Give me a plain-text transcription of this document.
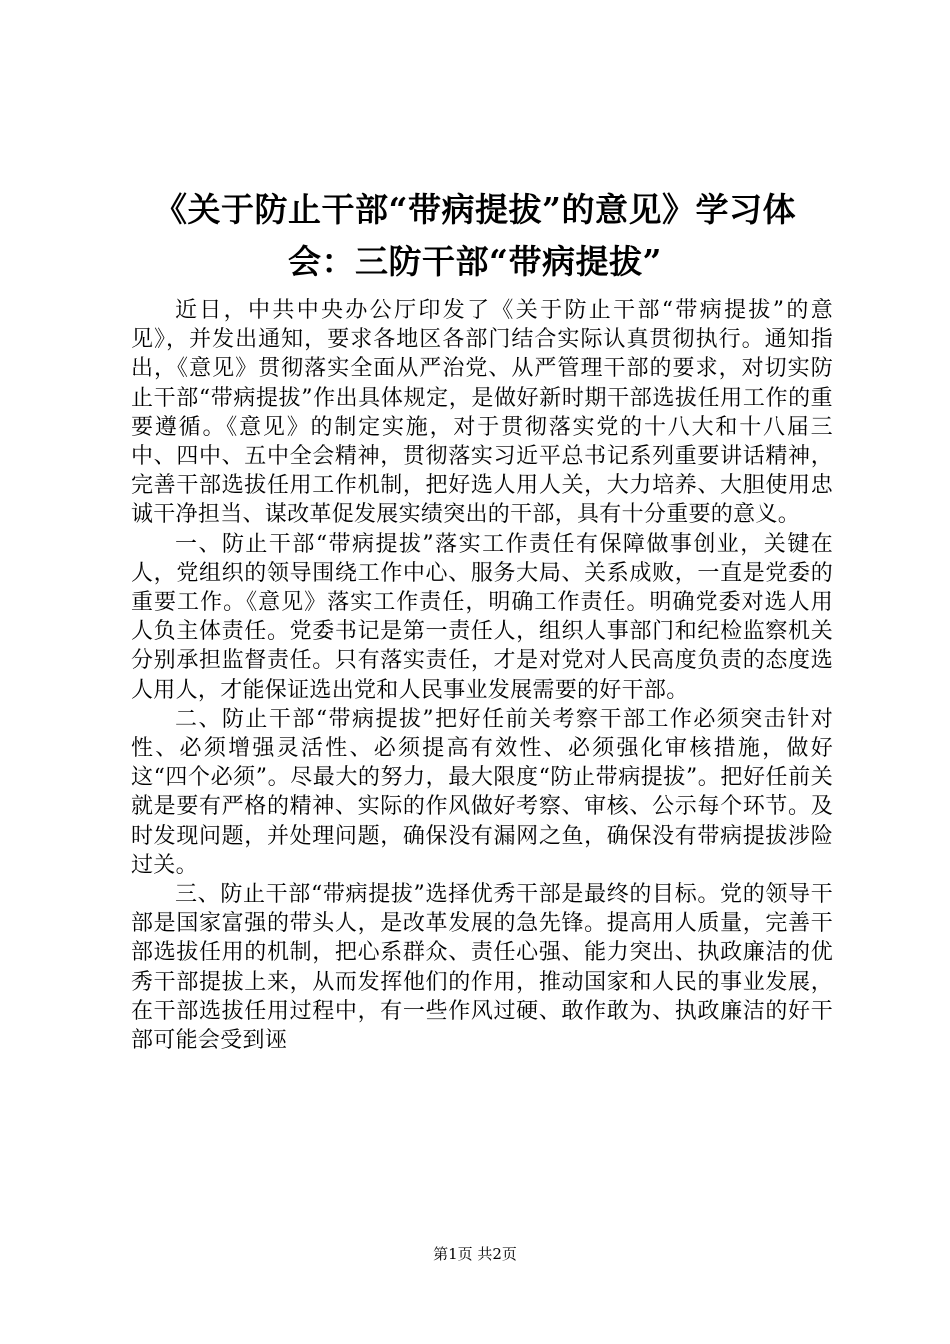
《关于防止干部“带病提拔”的意见》学习体
会：三防干部“带病提拔”

近日，中共中央办公厅印发了《关于防止干部“带病提拔”的意见》，并发出通知，要求各地区各部门结合实际认真贯彻执行。通知指出，《意见》贯彻落实全面从严治党、从严管理干部的要求，对切实防止干部“带病提拔”作出具体规定，是做好新时期干部选拔任用工作的重要遵循。《意见》的制定实施，对于贯彻落实党的十八大和十八届三中、四中、五中全会精神，贯彻落实习近平总书记系列重要讲话精神，完善干部选拔任用工作机制，把好选人用人关，大力培养、大胆使用忠诚干净担当、谋改革促发展实绩突出的干部，具有十分重要的意义。

一、防止干部“带病提拔”落实工作责任有保障做事创业，关键在人，党组织的领导围绕工作中心、服务大局、关系成败，一直是党委的重要工作。《意见》落实工作责任，明确工作责任。明确党委对选人用人负主体责任。党委书记是第一责任人，组织人事部门和纪检监察机关分别承担监督责任。只有落实责任，才是对党对人民高度负责的态度选人用人，才能保证选出党和人民事业发展需要的好干部。

二、防止干部“带病提拔”把好任前关考察干部工作必须突击针对性、必须增强灵活性、必须提高有效性、必须强化审核措施，做好这“四个必须”。尽最大的努力，最大限度“防止带病提拔”。把好任前关就是要有严格的精神、实际的作风做好考察、审核、公示每个环节。及时发现问题，并处理问题，确保没有漏网之鱼，确保没有带病提拔涉险过关。

三、防止干部“带病提拔”选择优秀干部是最终的目标。党的领导干部是国家富强的带头人，是改革发展的急先锋。提高用人质量，完善干部选拔任用的机制，把心系群众、责任心强、能力突出、执政廉洁的优秀干部提拔上来，从而发挥他们的作用，推动国家和人民的事业发展，在干部选拔任用过程中，有一些作风过硬、敢作敢为、执政廉洁的好干部可能会受到诬

第1页 共2页
